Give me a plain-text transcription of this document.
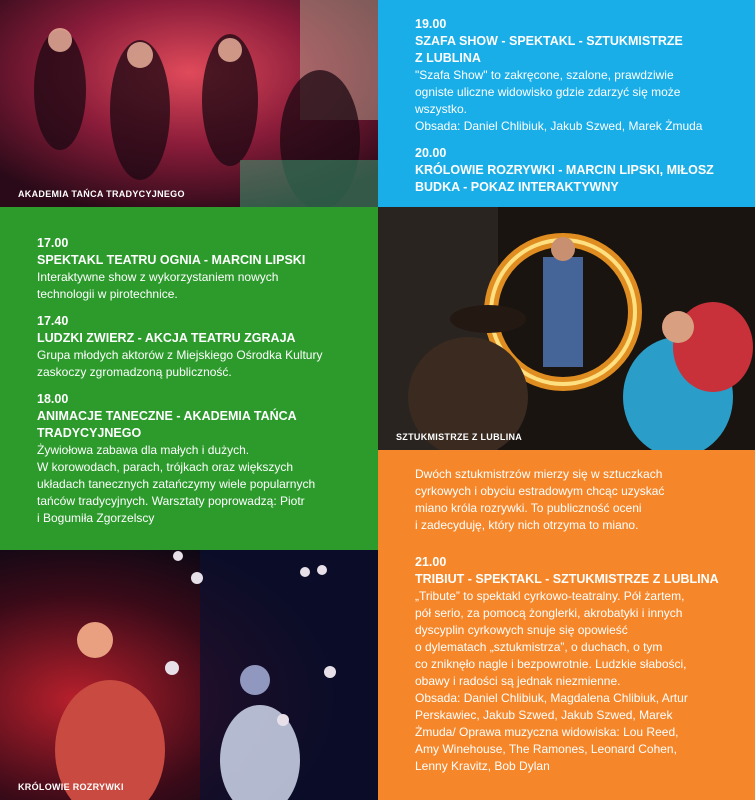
AKADEMIA TAŃCA TRADYCYJNEGO
19.00
SZAFA SHOW - SPEKTAKL - SZTUKMISTRZE
Z LUBLINA
"Szafa Show" to zakręcone, szalone, prawdziwie
ogniste uliczne widowisko gdzie zdarzyć się może
wszystko.
Obsada: Daniel Chlibiuk, Jakub Szwed, Marek Żmuda
20.00
KRÓLOWIE ROZRYWKI - MARCIN LIPSKI, MIŁOSZ
BUDKA - POKAZ INTERAKTYWNY
17.00
SPEKTAKL TEATRU OGNIA - MARCIN LIPSKI
Interaktywne show z wykorzystaniem nowych
technologii w pirotechnice.
17.40
LUDZKI ZWIERZ - AKCJA TEATRU ZGRAJA
Grupa młodych aktorów z Miejskiego Ośrodka Kultury
zaskoczy zgromadzoną publiczność.
18.00
ANIMACJE TANECZNE - AKADEMIA TAŃCA
TRADYCYJNEGO
Żywiołowa zabawa dla małych i dużych.
W korowodach, parach, trójkach oraz większych
układach tanecznych zatańczymy wiele popularnych
tańców tradycyjnych. Warsztaty poprowadzą: Piotr
i Bogumiła Zgorzelscy
SZTUKMISTRZE Z LUBLINA
Dwóch sztukmistrzów mierzy się w sztuczkach
cyrkowych i obyciu estradowym chcąc uzyskać
miano króla rozrywki. To publiczność oceni
i zadecyduję, który nich otrzyma to miano.
21.00
TRIBIUT - SPEKTAKL - SZTUKMISTRZE Z LUBLINA
„Tribute” to spektakl cyrkowo-teatralny. Pół żartem,
pół serio, za pomocą żonglerki, akrobatyki i innych
dyscyplin cyrkowych snuje się opowieść
o dylematach „sztukmistrza”, o duchach, o tym
co zniknęło nagle i bezpowrotnie. Ludzkie słabości,
obawy i radości są jednak niezmienne.
Obsada: Daniel Chlibiuk, Magdalena Chlibiuk, Artur
Perskawiec, Jakub Szwed, Jakub Szwed, Marek
Żmuda/ Oprawa muzyczna widowiska: Lou Reed,
Amy Winehouse, The Ramones, Leonard Cohen,
Lenny Kravitz, Bob Dylan
KRÓLOWIE ROZRYWKI
